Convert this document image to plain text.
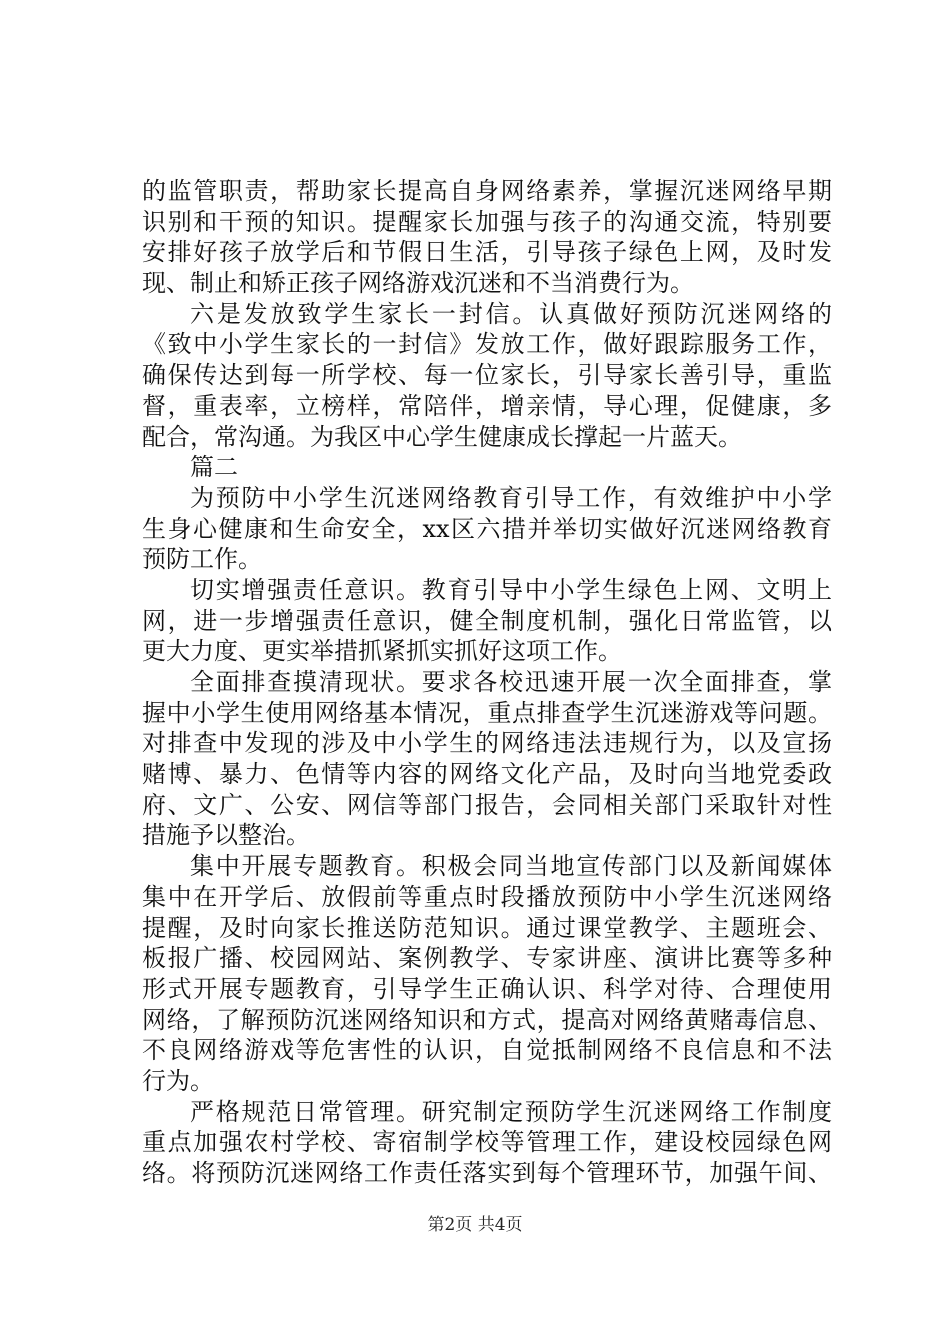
的监管职责，帮助家长提高自身网络素养，掌握沉迷网络早期
识别和干预的知识。提醒家长加强与孩子的沟通交流，特别要
安排好孩子放学后和节假日生活，引导孩子绿色上网，及时发
现、制止和矫正孩子网络游戏沉迷和不当消费行为。
六是发放致学生家长一封信。认真做好预防沉迷网络的
《致中小学生家长的一封信》发放工作，做好跟踪服务工作，
确保传达到每一所学校、每一位家长，引导家长善引导，重监
督，重表率，立榜样，常陪伴，增亲情，导心理，促健康，多
配合，常沟通。为我区中心学生健康成长撑起一片蓝天。
篇二
为预防中小学生沉迷网络教育引导工作，有效维护中小学
生身心健康和生命安全，xx区六措并举切实做好沉迷网络教育
预防工作。
切实增强责任意识。教育引导中小学生绿色上网、文明上
网，进一步增强责任意识，健全制度机制，强化日常监管，以
更大力度、更实举措抓紧抓实抓好这项工作。
全面排查摸清现状。要求各校迅速开展一次全面排查，掌
握中小学生使用网络基本情况，重点排查学生沉迷游戏等问题。
对排查中发现的涉及中小学生的网络违法违规行为，以及宣扬
赌博、暴力、色情等内容的网络文化产品，及时向当地党委政
府、文广、公安、网信等部门报告，会同相关部门采取针对性
措施予以整治。
集中开展专题教育。积极会同当地宣传部门以及新闻媒体
集中在开学后、放假前等重点时段播放预防中小学生沉迷网络
提醒，及时向家长推送防范知识。通过课堂教学、主题班会、
板报广播、校园网站、案例教学、专家讲座、演讲比赛等多种
形式开展专题教育，引导学生正确认识、科学对待、合理使用
网络，了解预防沉迷网络知识和方式，提高对网络黄赌毒信息、
不良网络游戏等危害性的认识，自觉抵制网络不良信息和不法
行为。
严格规范日常管理。研究制定预防学生沉迷网络工作制度
重点加强农村学校、寄宿制学校等管理工作，建设校园绿色网
络。将预防沉迷网络工作责任落实到每个管理环节，加强午间、
第2页 共4页
